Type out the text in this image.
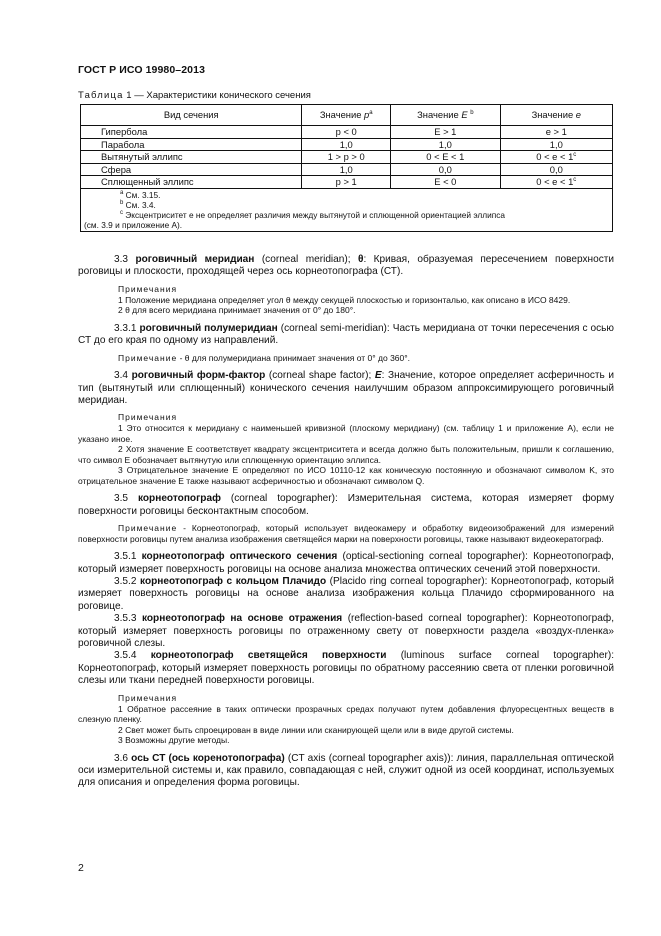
ГОСТ Р ИСО 19980–2013
Таблица 1 — Характеристики конического сечения
Вид сечения	Значение $p^a$	Значение E $^b$	Значение e
Гипербола	p < 0	E > 1	e > 1
Парабола	1,0	1,0	1,0
Вытянутый эллипс	1 > p > 0	0 < E < 1	$0 < e < 1^c$
Сфера	1,0	0,0	0,0
Сплющенный эллипс	p > 1	E < 0	$0 < e < 1^c$

$^a$ См. 3.15.
$^b$ См. 3.4.
$^c$ Эксцентриситет e не определяет различия между вытянутой и сплющенной ориентацией эллипса
(см. 3.9 и приложение А).			

3.3 роговичный меридиан (corneal meridian); θ: Кривая, образуемая пересечением поверхности роговицы и плоскости, проходящей через ось корнеотопографа (СТ).

Примечания

1 Положение меридиана определяет угол θ между секущей плоскостью и горизонталью, как описано в ИСО 8429.

2 θ для всего меридиана принимает значения от 0° до 180°.

3.3.1 роговичный полумеридиан (corneal semi-meridian): Часть меридиана от точки пересечения с осью СТ до его края по одному из направлений.

Примечание - θ для полумеридиана принимает значения от 0° до 360°.

3.4 роговичный форм-фактор (corneal shape factor); E: Значение, которое определяет асферичность и тип (вытянутый или сплющенный) конического сечения наилучшим образом аппроксимирующего роговичный меридиан.

Примечания

1 Это относится к меридиану с наименьшей кривизной (плоскому меридиану) (см. таблицу 1 и приложение А), если не указано иное.

2 Хотя значение E соответствует квадрату эксцентриситета и всегда должно быть положительным, пришли к соглашению, что символ E обозначает вытянутую или сплющенную ориентацию эллипса.

3 Отрицательное значение E определяют по ИСО 10110-12 как коническую постоянную и обозначают символом K, это отрицательное значение E также называют асферичностью и обозначают символом Q.

3.5 корнеотопограф (corneal topographer): Измерительная система, которая измеряет форму поверхности роговицы бесконтактным способом.

Примечание - Корнеотопограф, который использует видеокамеру и обработку видеоизображений для измерений поверхности роговицы путем анализа изображения светящейся марки на поверхности роговицы, также называют видеокератограф.

3.5.1 корнеотопограф оптического сечения (optical-sectioning corneal topographer): Корнеотопограф, который измеряет поверхность роговицы на основе анализа множества оптических сечений этой поверхности.

3.5.2 корнеотопограф с кольцом Плачидо (Placido ring corneal topographer): Корнеотопограф, который измеряет поверхность роговицы на основе анализа изображения кольца Плачидо сформированного на роговице.

3.5.3 корнеотопограф на основе отражения (reflection-based corneal topographer): Корнеотопограф, который измеряет поверхность роговицы по отраженному свету от поверхности раздела «воздух-пленка» роговичной слезы.

3.5.4 корнеотопограф светящейся поверхности (luminous surface corneal topographer): Корнеотопограф, который измеряет поверхность роговицы по обратному рассеянию света от пленки роговичной слезы или ткани передней поверхности роговицы.

Примечания

1 Обратное рассеяние в таких оптически прозрачных средах получают путем добавления флуоресцентных веществ в слезную пленку.

2 Свет может быть спроецирован в виде линии или сканирующей щели или в виде другой системы.

3 Возможны другие методы.

3.6 ось СТ (ось коренотопографа) (CT axis (corneal topographer axis)): линия, параллельная оптической оси измерительной системы и, как правило, совпадающая с ней, служит одной из осей координат, используемых для описания и определения форма роговицы.

2
